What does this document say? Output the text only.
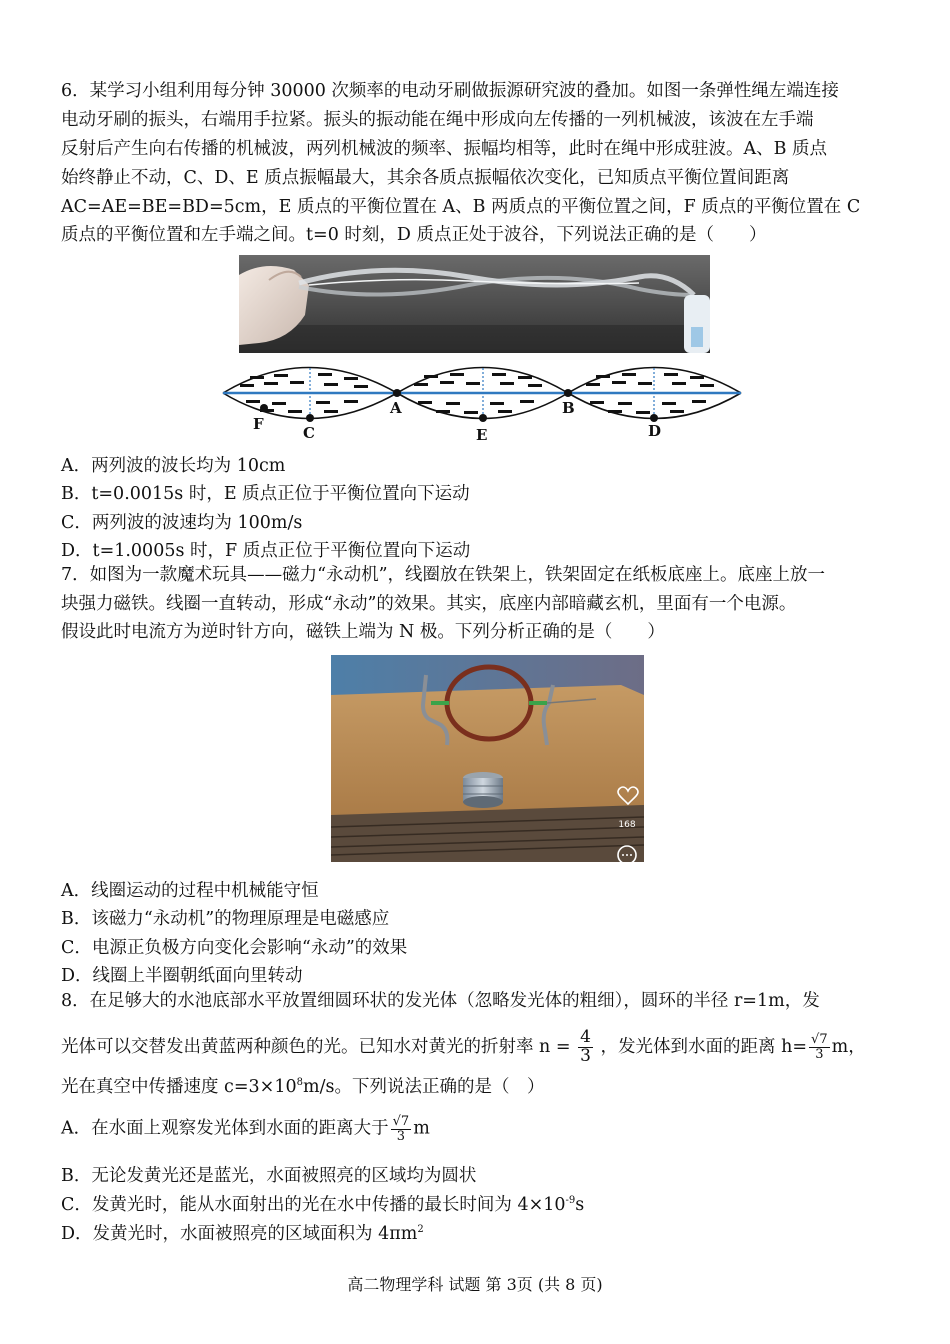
6．某学习小组利用每分钟 30000 次频率的电动牙刷做振源研究波的叠加。如图一条弹性绳左端连接
电动牙刷的振头，右端用手拉紧。振头的振动能在绳中形成向左传播的一列机械波，该波在左手端
反射后产生向右传播的机械波，两列机械波的频率、振幅均相等，此时在绳中形成驻波。A、B 质点
始终静止不动，C、D、E 质点振幅最大，其余各质点振幅依次变化，已知质点平衡位置间距离
AC=AE=BE=BD=5cm，E 质点的平衡位置在 A、B 两质点的平衡位置之间，F 质点的平衡位置在 C
质点的平衡位置和左手端之间。t=0 时刻，D 质点正处于波谷，下列说法正确的是（　　）
A	B
F	C	E	D
A．两列波的波长均为 10cm
B．t=0.0015s 时，E 质点正位于平衡位置向下运动
C．两列波的波速均为 100m/s
D．t=1.0005s 时，F 质点正位于平衡位置向下运动
7．如图为一款魔术玩具——磁力“永动机”，线圈放在铁架上，铁架固定在纸板底座上。底座上放一
块强力磁铁。线圈一直转动，形成“永动”的效果。其实，底座内部暗藏玄机，里面有一个电源。
假设此时电流方为逆时针方向，磁铁上端为 N 极。下列分析正确的是（　　）
168
A．线圈运动的过程中机械能守恒
B．该磁力“永动机”的物理原理是电磁感应
C．电源正负极方向变化会影响“永动”的效果
D．线圈上半圈朝纸面向里转动
8．在足够大的水池底部水平放置细圆环状的发光体（忽略发光体的粗细），圆环的半径 r=1m，发
光体可以交替发出黄蓝两种颜色的光。已知水对黄光的折射率 $n = \frac{4}{3}$ ，发光体到水面的距离 $h= \frac{√7}{3}$ m，
光在真空中传播速度 $c=3\times 10^8m/s$。下列说法正确的是（　）
A．在水面上观察发光体到水面的距离大于 $\frac{√7}{3}$ m
B．无论发黄光还是蓝光，水面被照亮的区域均为圆状
C．发黄光时，能从水面射出的光在水中传播的最长时间为 $4\times 10^{-9}s$
D．发黄光时，水面被照亮的区域面积为 $4\pi m^2$
高二物理学科 试题 第 3页 (共 8 页)
